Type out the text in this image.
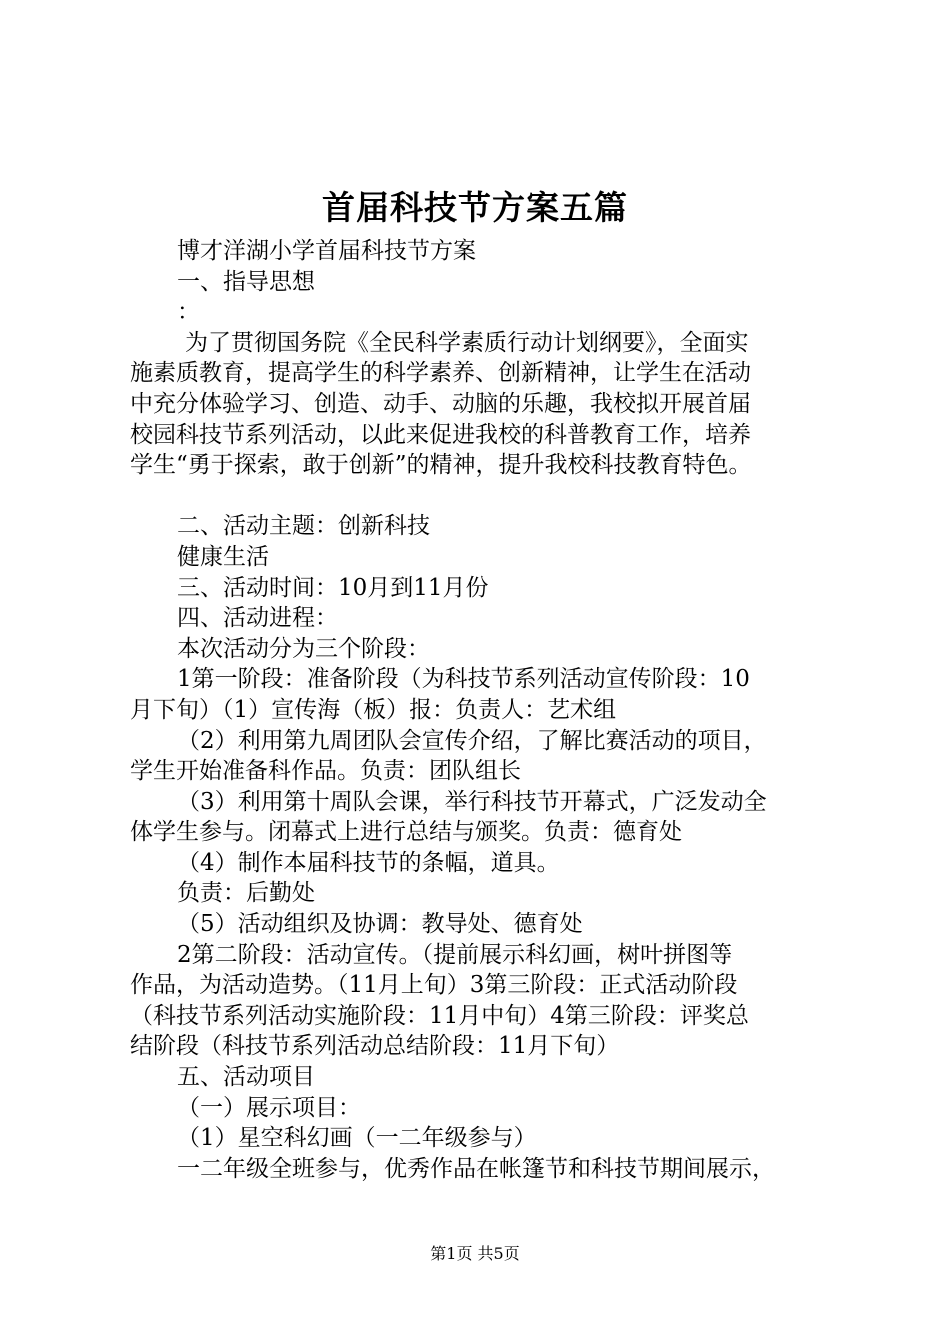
首届科技节方案五篇
博才洋湖小学首届科技节方案
一、指导思想
：
为了贯彻国务院《全民科学素质行动计划纲要》，全面实
施素质教育，提高学生的科学素养、创新精神，让学生在活动
中充分体验学习、创造、动手、动脑的乐趣，我校拟开展首届
校园科技节系列活动，以此来促进我校的科普教育工作，培养
学生“勇于探索，敢于创新”的精神，提升我校科技教育特色。
二、活动主题：创新科技
健康生活
三、活动时间：10月到11月份
四、活动进程：
本次活动分为三个阶段：
1第一阶段：准备阶段（为科技节系列活动宣传阶段：10
月下旬）（1）宣传海（板）报：负责人：艺术组
（2）利用第九周团队会宣传介绍，了解比赛活动的项目，
学生开始准备科作品。负责：团队组长
（3）利用第十周队会课，举行科技节开幕式，广泛发动全
体学生参与。闭幕式上进行总结与颁奖。负责：德育处
（4）制作本届科技节的条幅，道具。
负责：后勤处
（5）活动组织及协调：教导处、德育处
2第二阶段：活动宣传。（提前展示科幻画，树叶拼图等
作品，为活动造势。（11月上旬）3第三阶段：正式活动阶段
（科技节系列活动实施阶段：11月中旬）4第三阶段：评奖总
结阶段（科技节系列活动总结阶段：11月下旬）
五、活动项目
（一）展示项目：
（1）星空科幻画（一二年级参与）
一二年级全班参与，优秀作品在帐篷节和科技节期间展示，
第1页 共5页
